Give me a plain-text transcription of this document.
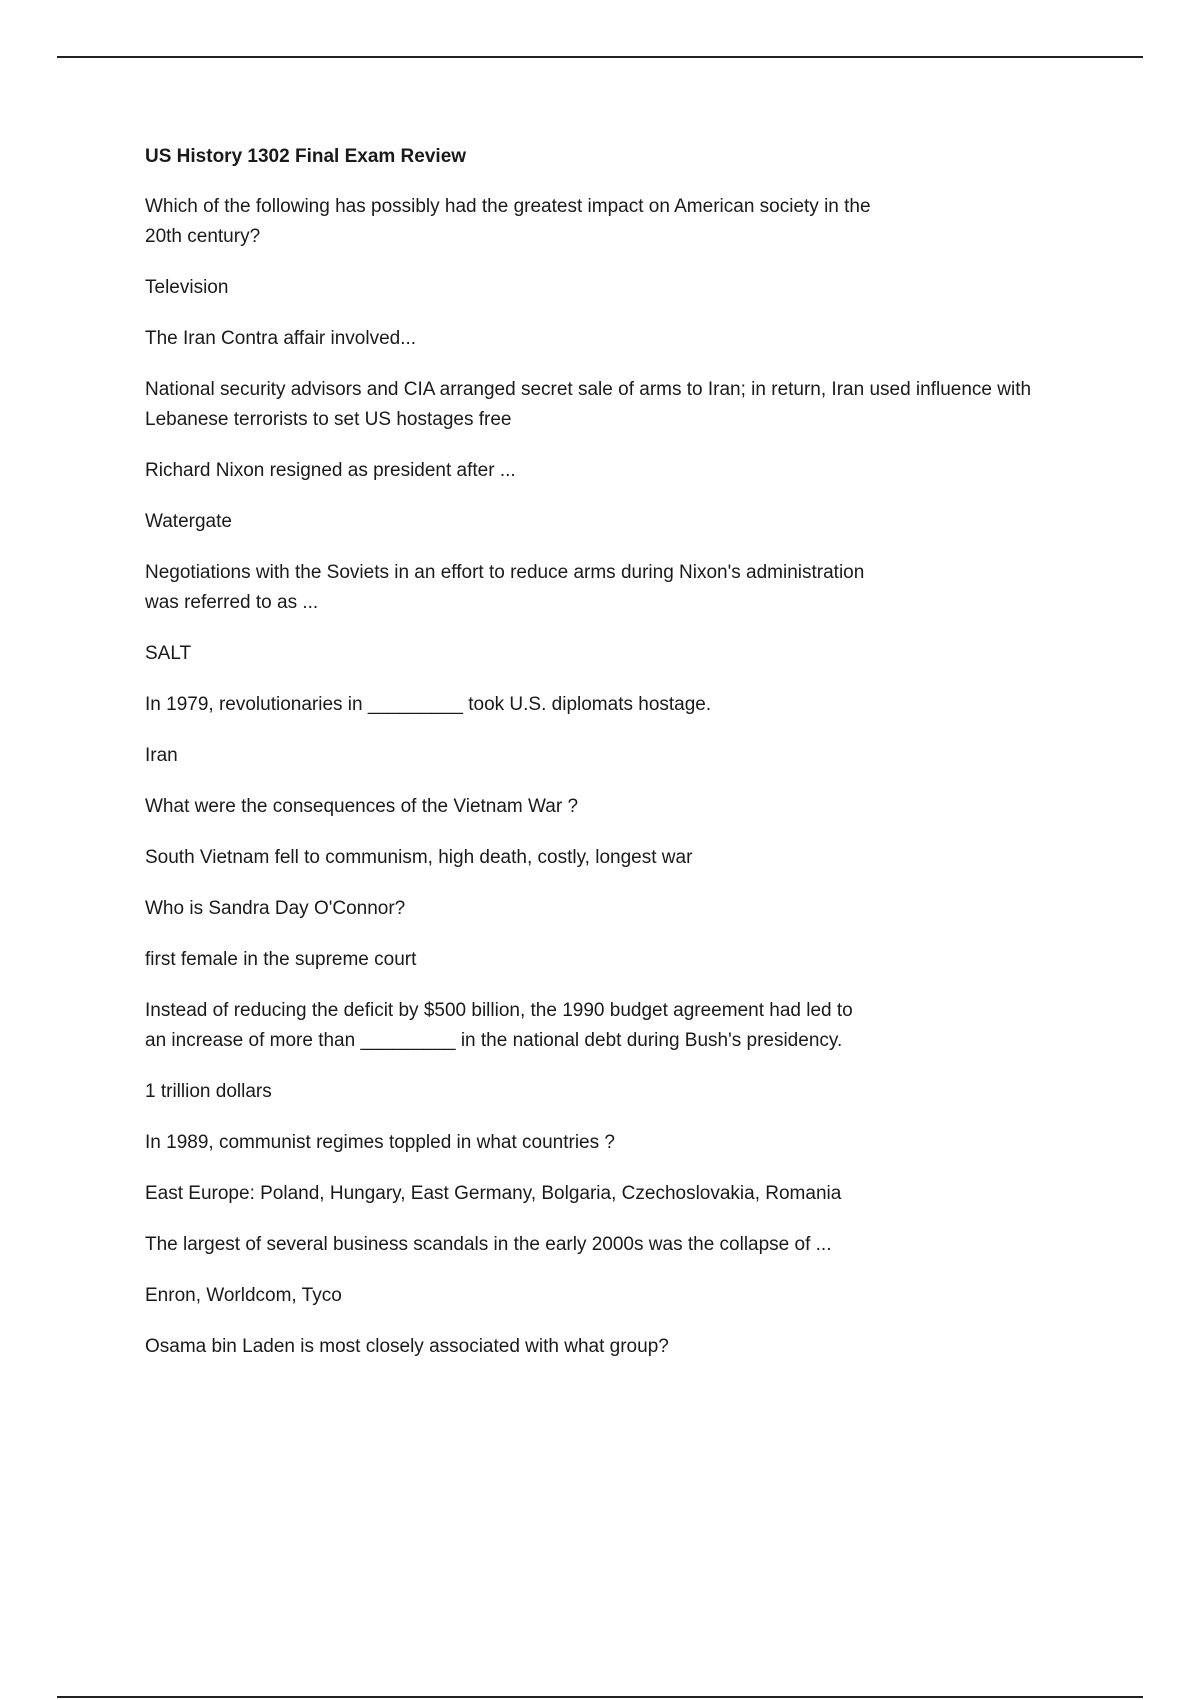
US History 1302 Final Exam Review
Which of the following has possibly had the greatest impact on American society in the 20th century?
Television
The Iran Contra affair involved...
National security advisors and CIA arranged secret sale of arms to Iran; in return, Iran used influence with Lebanese terrorists to set US hostages free
Richard Nixon resigned as president after ...
Watergate
Negotiations with the Soviets in an effort to reduce arms during Nixon's administration was referred to as ...
SALT
In 1979, revolutionaries in _________ took U.S. diplomats hostage.
Iran
What were the consequences of the Vietnam War ?
South Vietnam fell to communism, high death, costly, longest war
Who is Sandra Day O'Connor?
first female in the supreme court
Instead of reducing the deficit by $500 billion, the 1990 budget agreement had led to an increase of more than _________ in the national debt during Bush's presidency.
1 trillion dollars
In 1989, communist regimes toppled in what countries ?
East Europe: Poland, Hungary, East Germany, Bolgaria, Czechoslovakia, Romania
The largest of several business scandals in the early 2000s was the collapse of ...
Enron, Worldcom, Tyco
Osama bin Laden is most closely associated with what group?
